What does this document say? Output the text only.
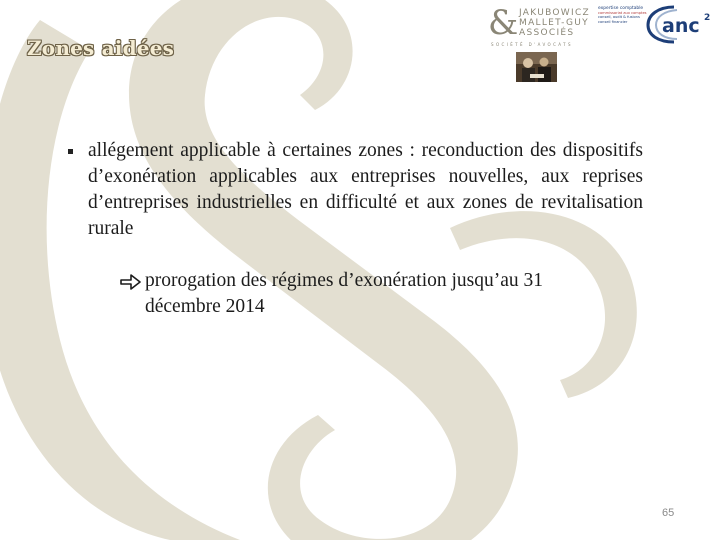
Zones aidées
& JAKUBOWICZ
MALLET-GUY
ASSOCIÉS
SOCIÉTÉ D'AVOCATS
expertise comptable
commissariat aux comptes
conseil, audit & fusions
conseil financier	anc 2
allégement applicable à certaines zones : reconduction des dispositifs d’exonération applicables aux entreprises nouvelles, aux reprises d’entreprises industrielles en difficulté et aux zones de revitalisation rurale
prorogation des régimes d’exonération jusqu’au 31 décembre 2014
65
